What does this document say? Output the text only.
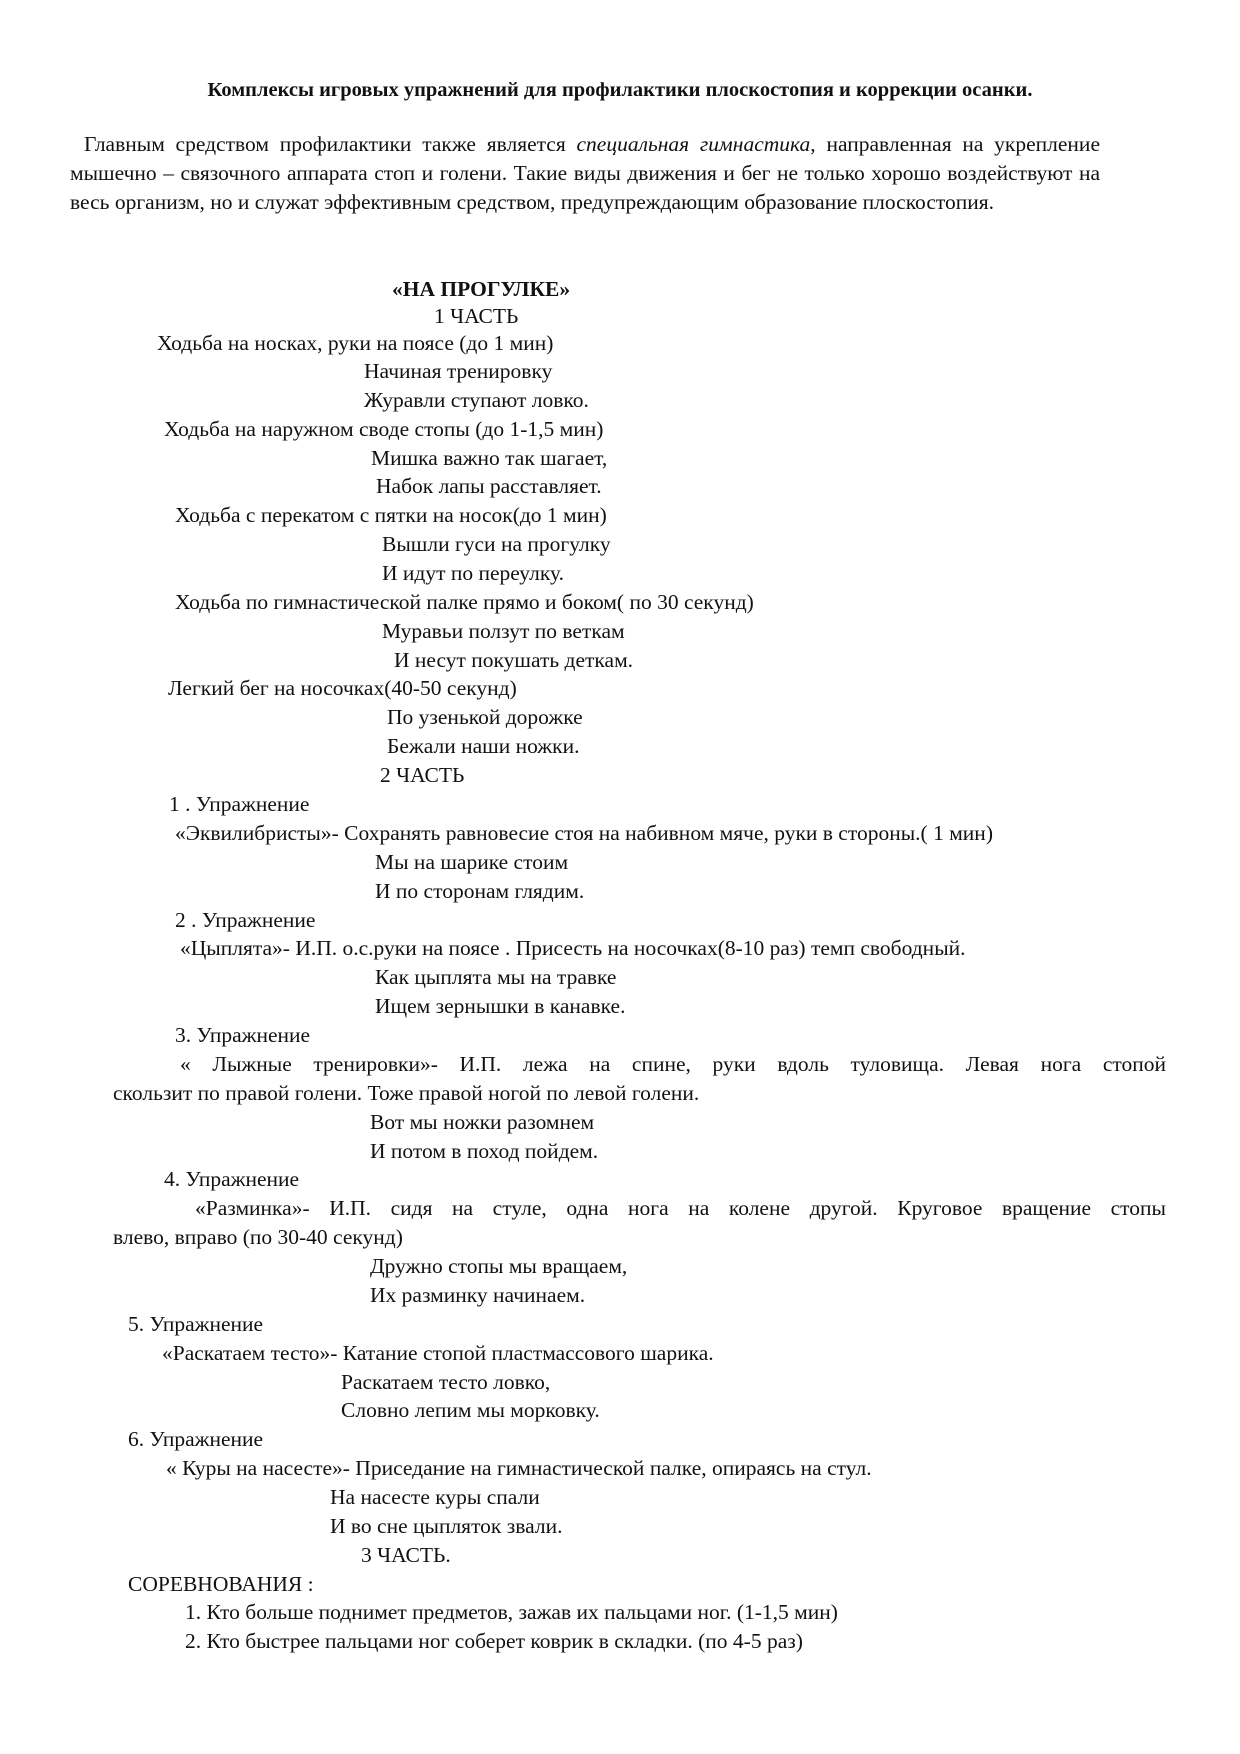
Комплексы игровых упражнений для профилактики плоскостопия и коррекции осанки.

Главным средством профилактики также является специальная гимнастика, направленная на укрепление мышечно – связочного аппарата стоп и голени. Такие виды движения и бег не только хорошо воздействуют на весь организм, но и служат эффективным средством, предупреждающим образование плоскостопия.

«НА ПРОГУЛКЕ»
1 ЧАСТЬ
Ходьба на носках, руки на поясе (до 1 мин)
Начиная тренировку
Журавли ступают ловко.
Ходьба на наружном своде стопы (до 1-1,5 мин)
Мишка важно так шагает,
Набок лапы расставляет.
Ходьба с перекатом с пятки на носок(до 1 мин)
Вышли гуси на прогулку
И идут по переулку.
Ходьба по гимнастической палке прямо и боком( по 30 секунд)
Муравьи ползут по веткам
И несут покушать деткам.
Легкий бег на носочках(40-50 секунд)
По узенькой дорожке
Бежали наши ножки.
2 ЧАСТЬ
1 . Упражнение
«Эквилибристы»- Сохранять равновесие стоя на набивном мяче, руки в стороны.( 1 мин)
Мы на шарике стоим
И по сторонам глядим.
2 . Упражнение
«Цыплята»- И.П. о.с.руки на поясе . Присесть на носочках(8-10 раз) темп свободный.
Как цыплята мы на травке
Ищем зернышки в канавке.
3. Упражнение
« Лыжные тренировки»- И.П. лежа на спине, руки вдоль туловища. Левая нога стопой
скользит по правой голени. Тоже правой ногой по левой голени.
Вот мы ножки разомнем
И потом в поход пойдем.
4. Упражнение
«Разминка»- И.П. сидя на стуле, одна нога на колене другой. Круговое вращение стопы
влево, вправо (по 30-40 секунд)
Дружно стопы мы вращаем,
Их разминку начинаем.
5. Упражнение
«Раскатаем тесто»- Катание стопой пластмассового шарика.
Раскатаем тесто ловко,
Словно лепим мы морковку.
6. Упражнение
« Куры на насесте»- Приседание на гимнастической палке, опираясь на стул.
На насесте куры спали
И во сне цыпляток звали.
3 ЧАСТЬ.
СОРЕВНОВАНИЯ :
1. Кто больше поднимет предметов, зажав их пальцами ног. (1-1,5 мин)
2. Кто быстрее пальцами ног соберет коврик в складки. (по 4-5 раз)
